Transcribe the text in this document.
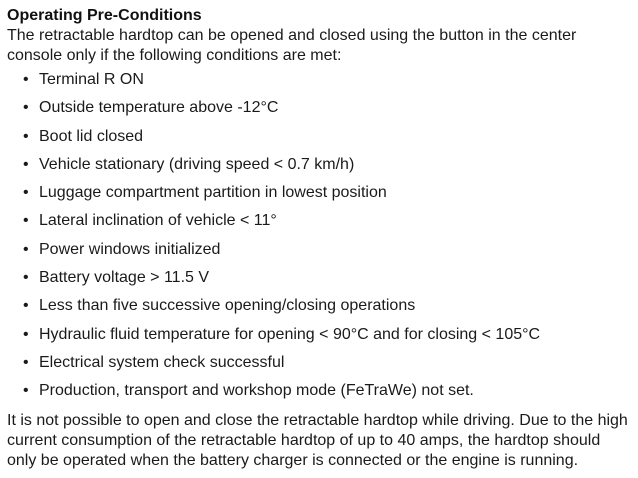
Operating Pre-Conditions

The retractable hardtop can be opened and closed using the button in the center console only if the following conditions are met:

• Terminal R ON
• Outside temperature above -12°C
• Boot lid closed
• Vehicle stationary (driving speed < 0.7 km/h)
• Luggage compartment partition in lowest position
• Lateral inclination of vehicle < 11°
• Power windows initialized
• Battery voltage > 11.5 V
• Less than five successive opening/closing operations
• Hydraulic fluid temperature for opening < 90°C and for closing < 105°C
• Electrical system check successful
• Production, transport and workshop mode (FeTraWe) not set.

It is not possible to open and close the retractable hardtop while driving. Due to the high current consumption of the retractable hardtop of up to 40 amps, the hardtop should only be operated when the battery charger is connected or the engine is running.
